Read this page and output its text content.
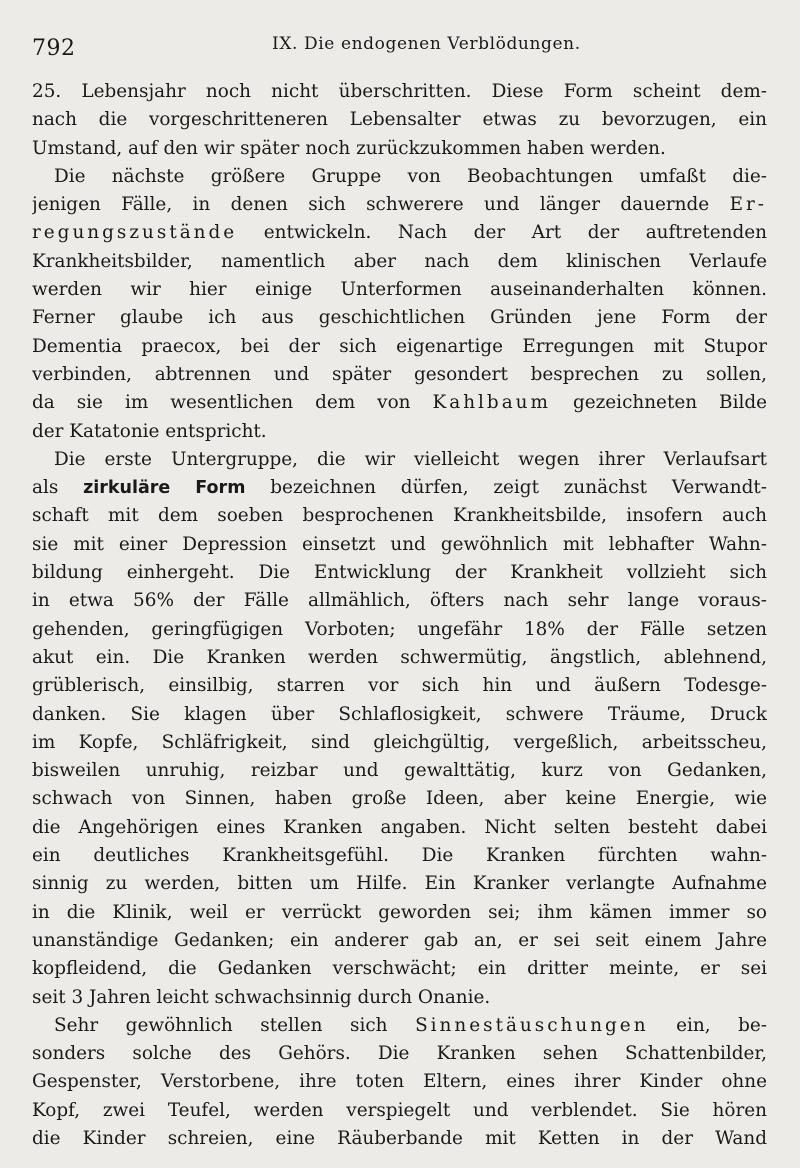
792	IX. Die endogenen Verblödungen.
25. Lebensjahr noch nicht überschritten. Diese Form scheint dem-
nach die vorgeschritteneren Lebensalter etwas zu bevorzugen, ein
Umstand, auf den wir später noch zurückzukommen haben werden.
Die nächste größere Gruppe von Beobachtungen umfaßt die-
jenigen Fälle, in denen sich schwerere und länger dauernde Er-
regungszustände entwickeln. Nach der Art der auftretenden
Krankheitsbilder, namentlich aber nach dem klinischen Verlaufe
werden wir hier einige Unterformen auseinanderhalten können.
Ferner glaube ich aus geschichtlichen Gründen jene Form der
Dementia praecox, bei der sich eigenartige Erregungen mit Stupor
verbinden, abtrennen und später gesondert besprechen zu sollen,
da sie im wesentlichen dem von Kahlbaum gezeichneten Bilde
der Katatonie entspricht.
Die erste Untergruppe, die wir vielleicht wegen ihrer Verlaufsart
als zirkuläre Form bezeichnen dürfen, zeigt zunächst Verwandt-
schaft mit dem soeben besprochenen Krankheitsbilde, insofern auch
sie mit einer Depression einsetzt und gewöhnlich mit lebhafter Wahn-
bildung einhergeht. Die Entwicklung der Krankheit vollzieht sich
in etwa 56% der Fälle allmählich, öfters nach sehr lange voraus-
gehenden, geringfügigen Vorboten; ungefähr 18% der Fälle setzen
akut ein. Die Kranken werden schwermütig, ängstlich, ablehnend,
grüblerisch, einsilbig, starren vor sich hin und äußern Todesge-
danken. Sie klagen über Schlaflosigkeit, schwere Träume, Druck
im Kopfe, Schläfrigkeit, sind gleichgültig, vergeßlich, arbeitsscheu,
bisweilen unruhig, reizbar und gewalttätig, kurz von Gedanken,
schwach von Sinnen, haben große Ideen, aber keine Energie, wie
die Angehörigen eines Kranken angaben. Nicht selten besteht dabei
ein deutliches Krankheitsgefühl. Die Kranken fürchten wahn-
sinnig zu werden, bitten um Hilfe. Ein Kranker verlangte Aufnahme
in die Klinik, weil er verrückt geworden sei; ihm kämen immer so
unanständige Gedanken; ein anderer gab an, er sei seit einem Jahre
kopfleidend, die Gedanken verschwächt; ein dritter meinte, er sei
seit 3 Jahren leicht schwachsinnig durch Onanie.
Sehr gewöhnlich stellen sich Sinnestäuschungen ein, be-
sonders solche des Gehörs. Die Kranken sehen Schattenbilder,
Gespenster, Verstorbene, ihre toten Eltern, eines ihrer Kinder ohne
Kopf, zwei Teufel, werden verspiegelt und verblendet. Sie hören
die Kinder schreien, eine Räuberbande mit Ketten in der Wand
